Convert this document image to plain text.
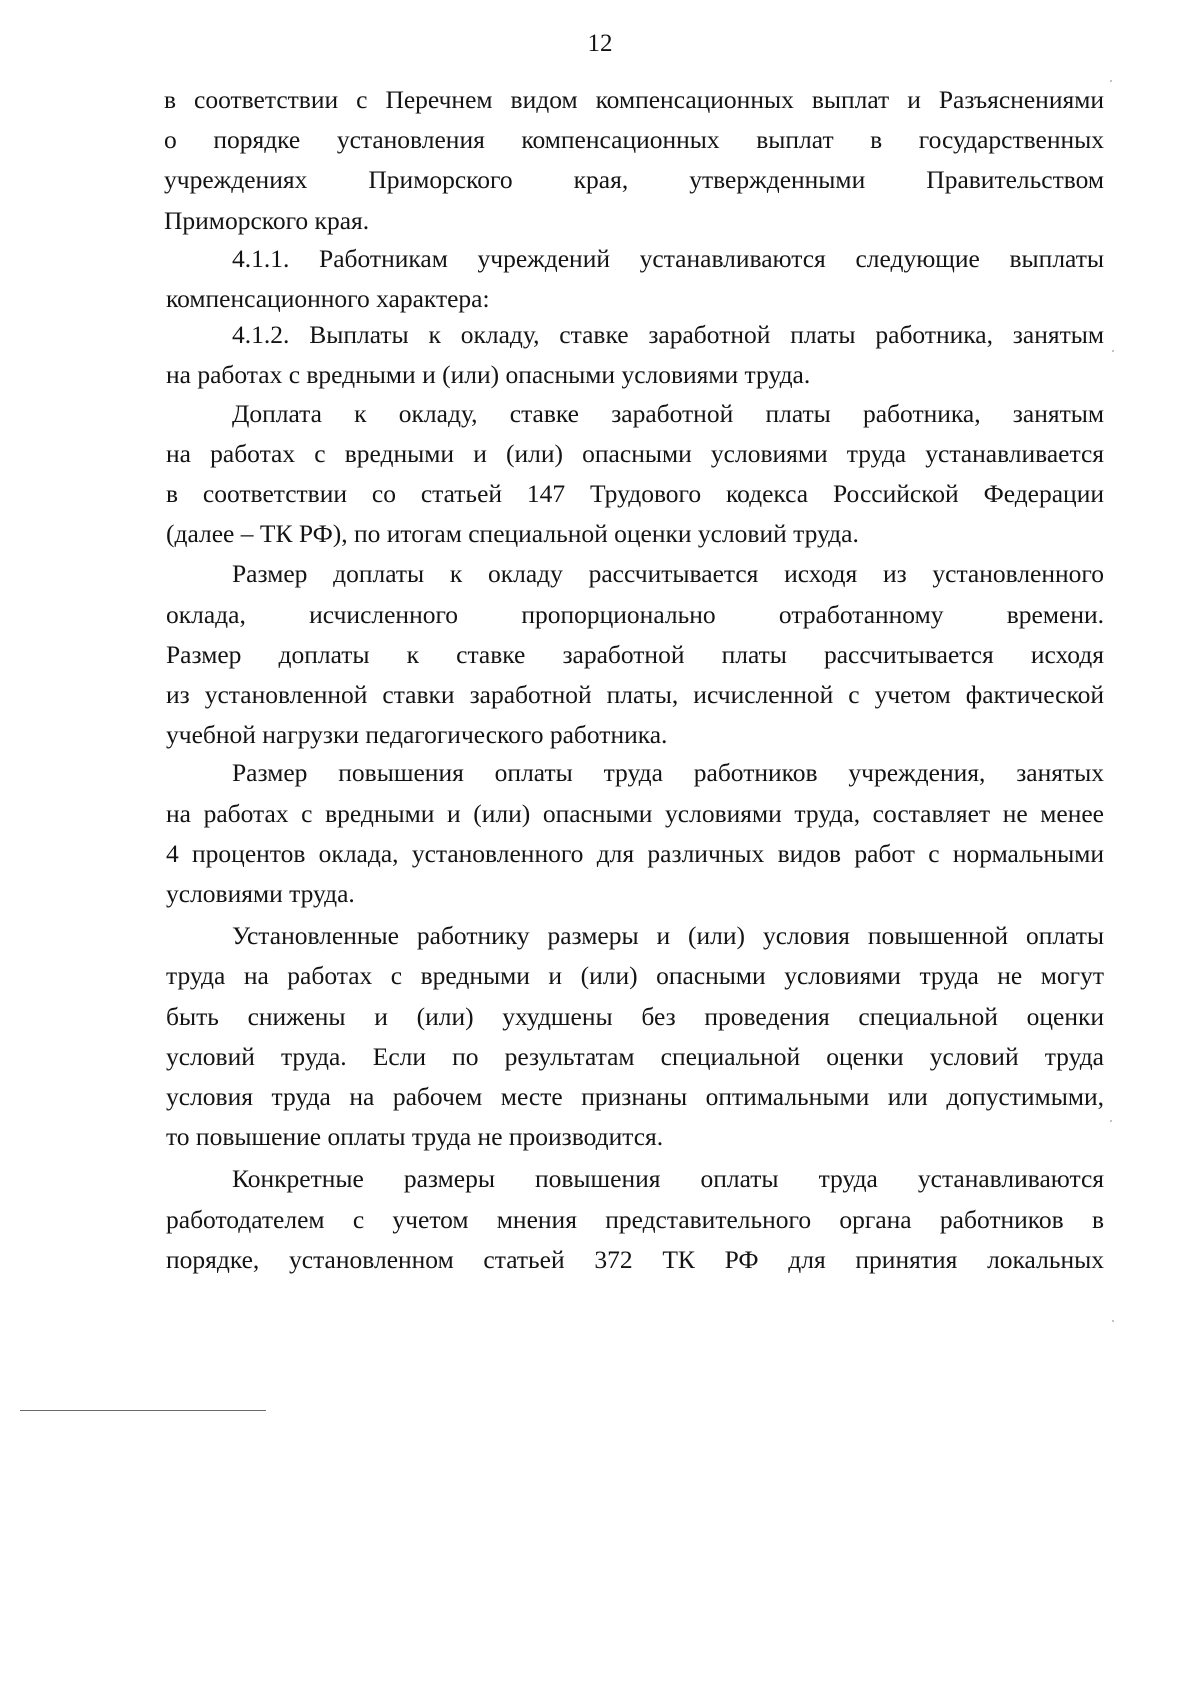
12
в соответствии с Перечнем видом компенсационных выплат и Разъяснениями
о порядке установления компенсационных выплат в государственных
учреждениях Приморского края, утвержденными Правительством
Приморского края.
4.1.1. Работникам учреждений устанавливаются следующие выплаты
компенсационного характера:
4.1.2. Выплаты к окладу, ставке заработной платы работника, занятым
на работах с вредными и (или) опасными условиями труда.
Доплата к окладу, ставке заработной платы работника, занятым
на работах с вредными и (или) опасными условиями труда устанавливается
в соответствии со статьей 147 Трудового кодекса Российской Федерации
(далее – ТК РФ), по итогам специальной оценки условий труда.
Размер доплаты к окладу рассчитывается исходя из установленного
оклада, исчисленного пропорционально отработанному времени.
Размер доплаты к ставке заработной платы рассчитывается исходя
из установленной ставки заработной платы, исчисленной с учетом фактической
учебной нагрузки педагогического работника.
Размер повышения оплаты труда работников учреждения, занятых
на работах с вредными и (или) опасными условиями труда, составляет не менее
4 процентов оклада, установленного для различных видов работ с нормальными
условиями труда.
Установленные работнику размеры и (или) условия повышенной оплаты
труда на работах с вредными и (или) опасными условиями труда не могут
быть снижены и (или) ухудшены без проведения специальной оценки
условий труда. Если по результатам специальной оценки условий труда
условия труда на рабочем месте признаны оптимальными или допустимыми,
то повышение оплаты труда не производится.
Конкретные размеры повышения оплаты труда устанавливаются
работодателем с учетом мнения представительного органа работников в
порядке, установленном статьей 372 ТК РФ для принятия локальных
